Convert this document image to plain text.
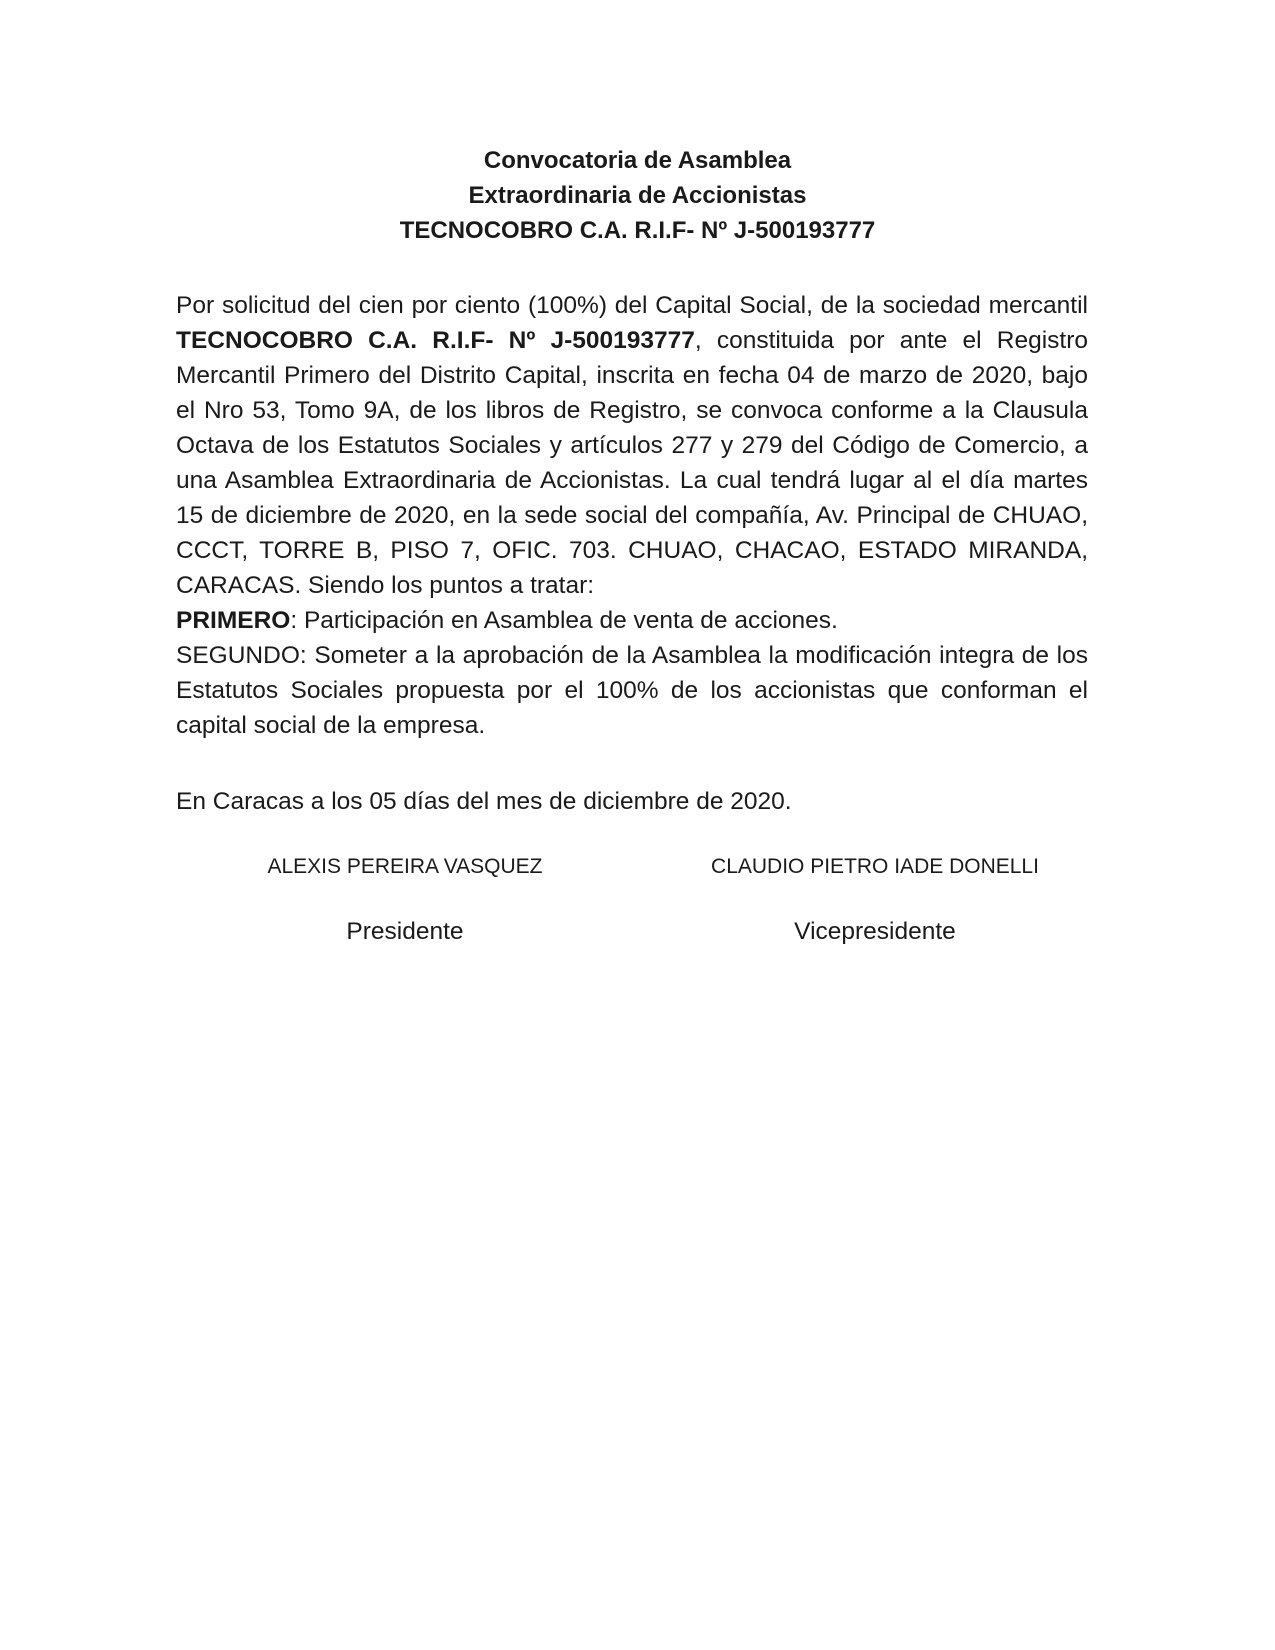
Convocatoria de Asamblea
Extraordinaria de Accionistas
TECNOCOBRO C.A. R.I.F- Nº J-500193777

Por solicitud del cien por ciento (100%) del Capital Social, de la sociedad mercantil TECNOCOBRO C.A. R.I.F- Nº J-500193777, constituida por ante el Registro Mercantil Primero del Distrito Capital, inscrita en fecha 04 de marzo de 2020, bajo el Nro 53, Tomo 9A, de los libros de Registro, se convoca conforme a la Clausula Octava de los Estatutos Sociales y artículos 277 y 279 del Código de Comercio, a una Asamblea Extraordinaria de Accionistas. La cual tendrá lugar al el día martes 15 de diciembre de 2020, en la sede social del compañía, Av. Principal de CHUAO, CCCT, TORRE B, PISO 7, OFIC. 703. CHUAO, CHACAO, ESTADO MIRANDA, CARACAS. Siendo los puntos a tratar:

PRIMERO: Participación en Asamblea de venta de acciones.

SEGUNDO: Someter a la aprobación de la Asamblea la modificación integra de los Estatutos Sociales propuesta por el 100% de los accionistas que conforman el capital social de la empresa.

En Caracas a los 05 días del mes de diciembre de 2020.
ALEXIS PEREIRA VASQUEZ	CLAUDIO PIETRO IADE DONELLI
Presidente	Vicepresidente
